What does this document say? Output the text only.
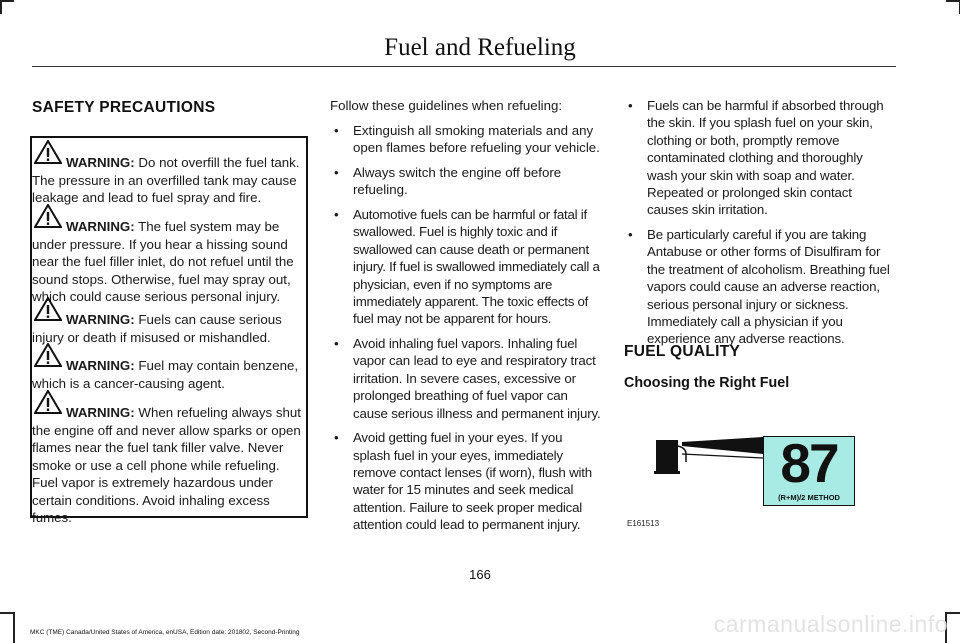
Fuel and Refueling
SAFETY PRECAUTIONS

WARNING: Do not overfill the fuel tank. The pressure in an overfilled tank may cause leakage and lead to fuel spray and fire.

WARNING: The fuel system may be under pressure. If you hear a hissing sound near the fuel filler inlet, do not refuel until the sound stops. Otherwise, fuel may spray out, which could cause serious personal injury.

WARNING: Fuels can cause serious injury or death if misused or mishandled.

WARNING: Fuel may contain benzene, which is a cancer-causing agent.

WARNING: When refueling always shut the engine off and never allow sparks or open flames near the fuel tank filler valve. Never smoke or use a cell phone while refueling. Fuel vapor is extremely hazardous under certain conditions. Avoid inhaling excess fumes.

Follow these guidelines when refueling:

• Extinguish all smoking materials and any open flames before refueling your vehicle.
• Always switch the engine off before refueling.
• Automotive fuels can be harmful or fatal if swallowed. Fuel is highly toxic and if swallowed can cause death or permanent injury. If fuel is swallowed immediately call a physician, even if no symptoms are immediately apparent. The toxic effects of fuel may not be apparent for hours.
• Avoid inhaling fuel vapors. Inhaling fuel vapor can lead to eye and respiratory tract irritation. In severe cases, excessive or prolonged breathing of fuel vapor can cause serious illness and permanent injury.
• Avoid getting fuel in your eyes. If you splash fuel in your eyes, immediately remove contact lenses (if worn), flush with water for 15 minutes and seek medical attention. Failure to seek proper medical attention could lead to permanent injury.
• Fuels can be harmful if absorbed through the skin. If you splash fuel on your skin, clothing or both, promptly remove contaminated clothing and thoroughly wash your skin with soap and water. Repeated or prolonged skin contact causes skin irritation.
• Be particularly careful if you are taking Antabuse or other forms of Disulfiram for the treatment of alcoholism. Breathing fuel vapors could cause an adverse reaction, serious personal injury or sickness. Immediately call a physician if you experience any adverse reactions.
FUEL QUALITY
Choosing the Right Fuel
87
(R+M)/2 METHOD
E161513
166
MKC (TME) Canada/United States of America, enUSA, Edition date: 201802, Second-Printing	carmanualsonline.info
